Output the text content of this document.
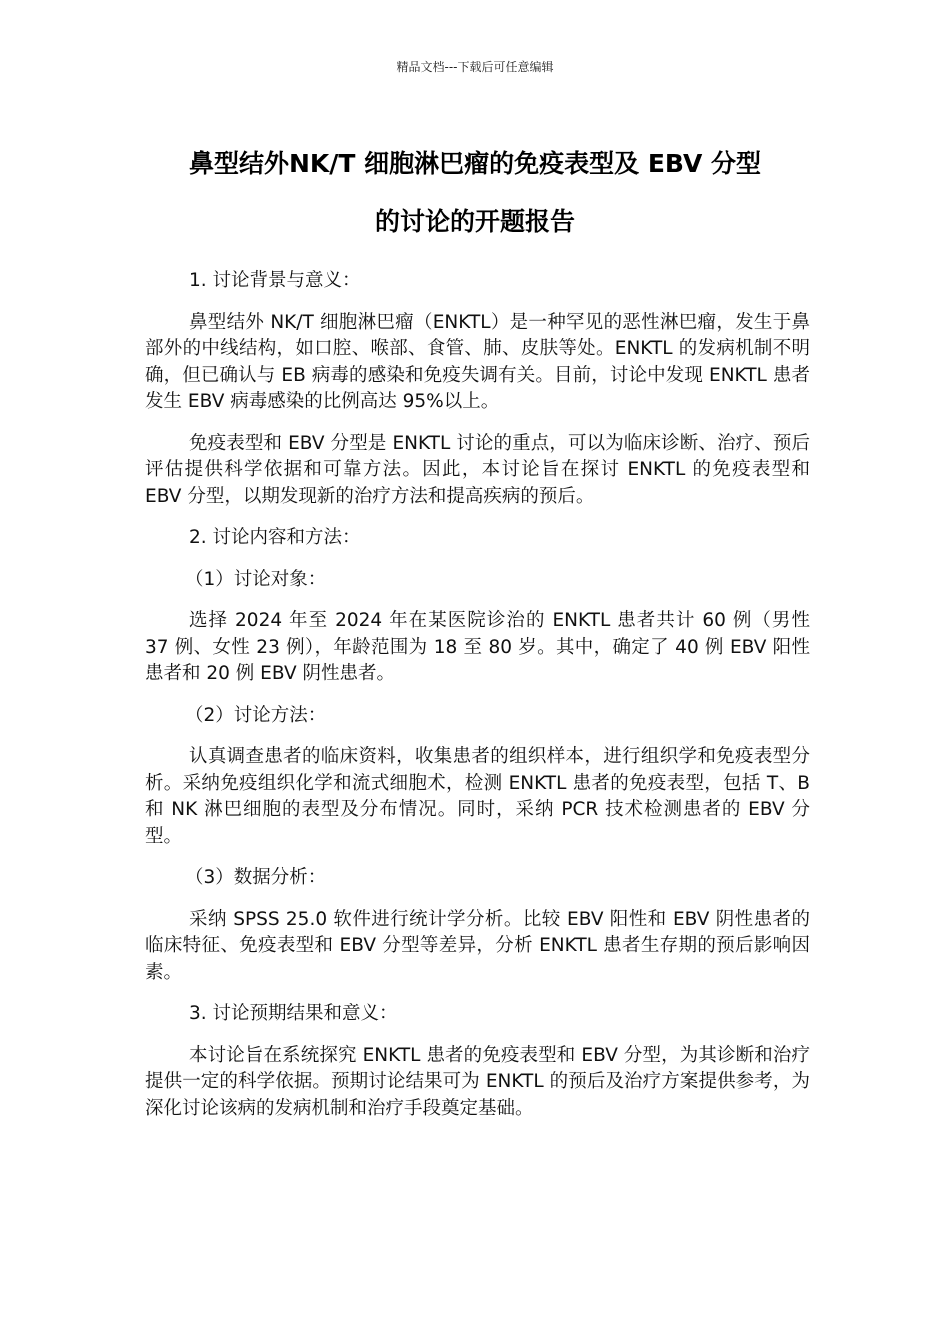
精品文档---下载后可任意编辑
鼻型结外NK/T 细胞淋巴瘤的免疫表型及 EBV 分型
的讨论的开题报告
1. 讨论背景与意义：
鼻型结外 NK/T 细胞淋巴瘤（ENKTL）是一种罕见的恶性淋巴瘤，发生于鼻部外的中线结构，如口腔、喉部、食管、肺、皮肤等处。ENKTL 的发病机制不明确，但已确认与 EB 病毒的感染和免疫失调有关。目前，讨论中发现 ENKTL 患者发生 EBV 病毒感染的比例高达 95%以上。
免疫表型和 EBV 分型是 ENKTL 讨论的重点，可以为临床诊断、治疗、预后评估提供科学依据和可靠方法。因此，本讨论旨在探讨 ENKTL 的免疫表型和 EBV 分型，以期发现新的治疗方法和提高疾病的预后。
2. 讨论内容和方法：
（1）讨论对象：
选择 2024 年至 2024 年在某医院诊治的 ENKTL 患者共计 60 例（男性 37 例、女性 23 例），年龄范围为 18 至 80 岁。其中，确定了 40 例 EBV 阳性患者和 20 例 EBV 阴性患者。
（2）讨论方法：
认真调查患者的临床资料，收集患者的组织样本，进行组织学和免疫表型分析。采纳免疫组织化学和流式细胞术，检测 ENKTL 患者的免疫表型，包括 T、B 和 NK 淋巴细胞的表型及分布情况。同时，采纳 PCR 技术检测患者的 EBV 分型。
（3）数据分析：
采纳 SPSS 25.0 软件进行统计学分析。比较 EBV 阳性和 EBV 阴性患者的临床特征、免疫表型和 EBV 分型等差异，分析 ENKTL 患者生存期的预后影响因素。
3. 讨论预期结果和意义：
本讨论旨在系统探究 ENKTL 患者的免疫表型和 EBV 分型，为其诊断和治疗提供一定的科学依据。预期讨论结果可为 ENKTL 的预后及治疗方案提供参考，为深化讨论该病的发病机制和治疗手段奠定基础。
